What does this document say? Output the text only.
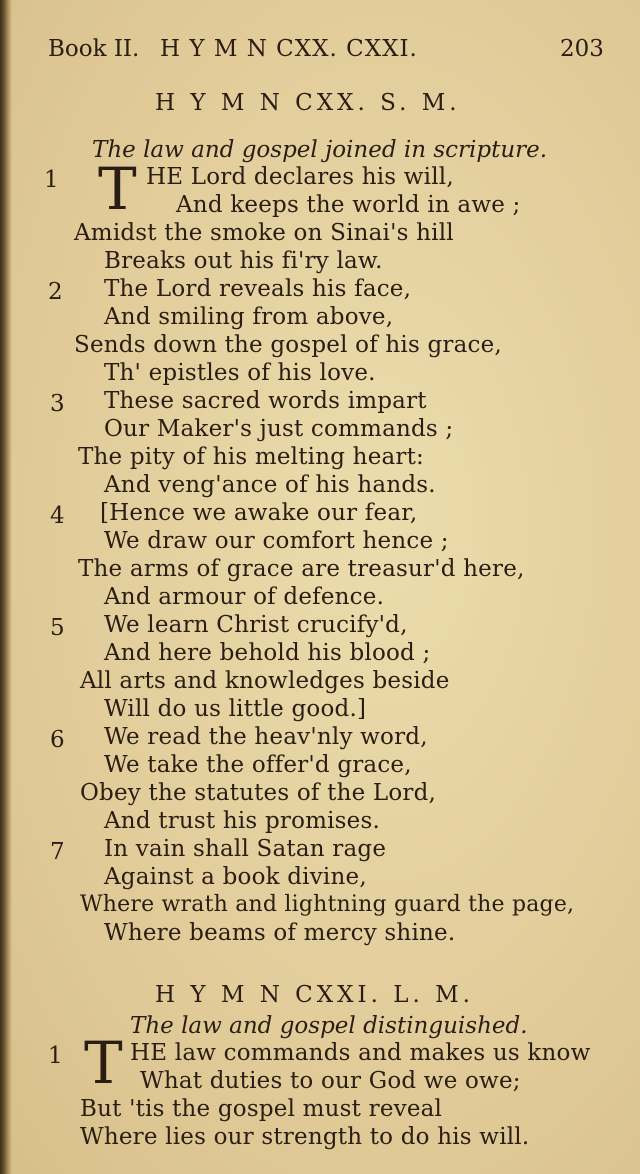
Book II. H Y M N CXX. CXXI.	203
H Y M N CXX. S. M.
The law and gospel joined in scripture.
1 T HE Lord declares his will,
And keeps the world in awe ;
Amidst the smoke on Sinai's hill
Breaks out his fi'ry law.
2 The Lord reveals his face,
And smiling from above,
Sends down the gospel of his grace,
Th' epistles of his love.
3 These sacred words impart
Our Maker's just commands ;
The pity of his melting heart:
And veng'ance of his hands.
4 [Hence we awake our fear,
We draw our comfort hence ;
The arms of grace are treasur'd here,
And armour of defence.
5 We learn Christ crucify'd,
And here behold his blood ;
All arts and knowledges beside
Will do us little good.]
6 We read the heav'nly word,
We take the offer'd grace,
Obey the statutes of the Lord,
And trust his promises.
7 In vain shall Satan rage
Against a book divine,
Where wrath and lightning guard the page,
Where beams of mercy shine.
H Y M N CXXI. L. M.
The law and gospel distinguished.
1 T HE law commands and makes us know
What duties to our God we owe;
But 'tis the gospel must reveal
Where lies our strength to do his will.
